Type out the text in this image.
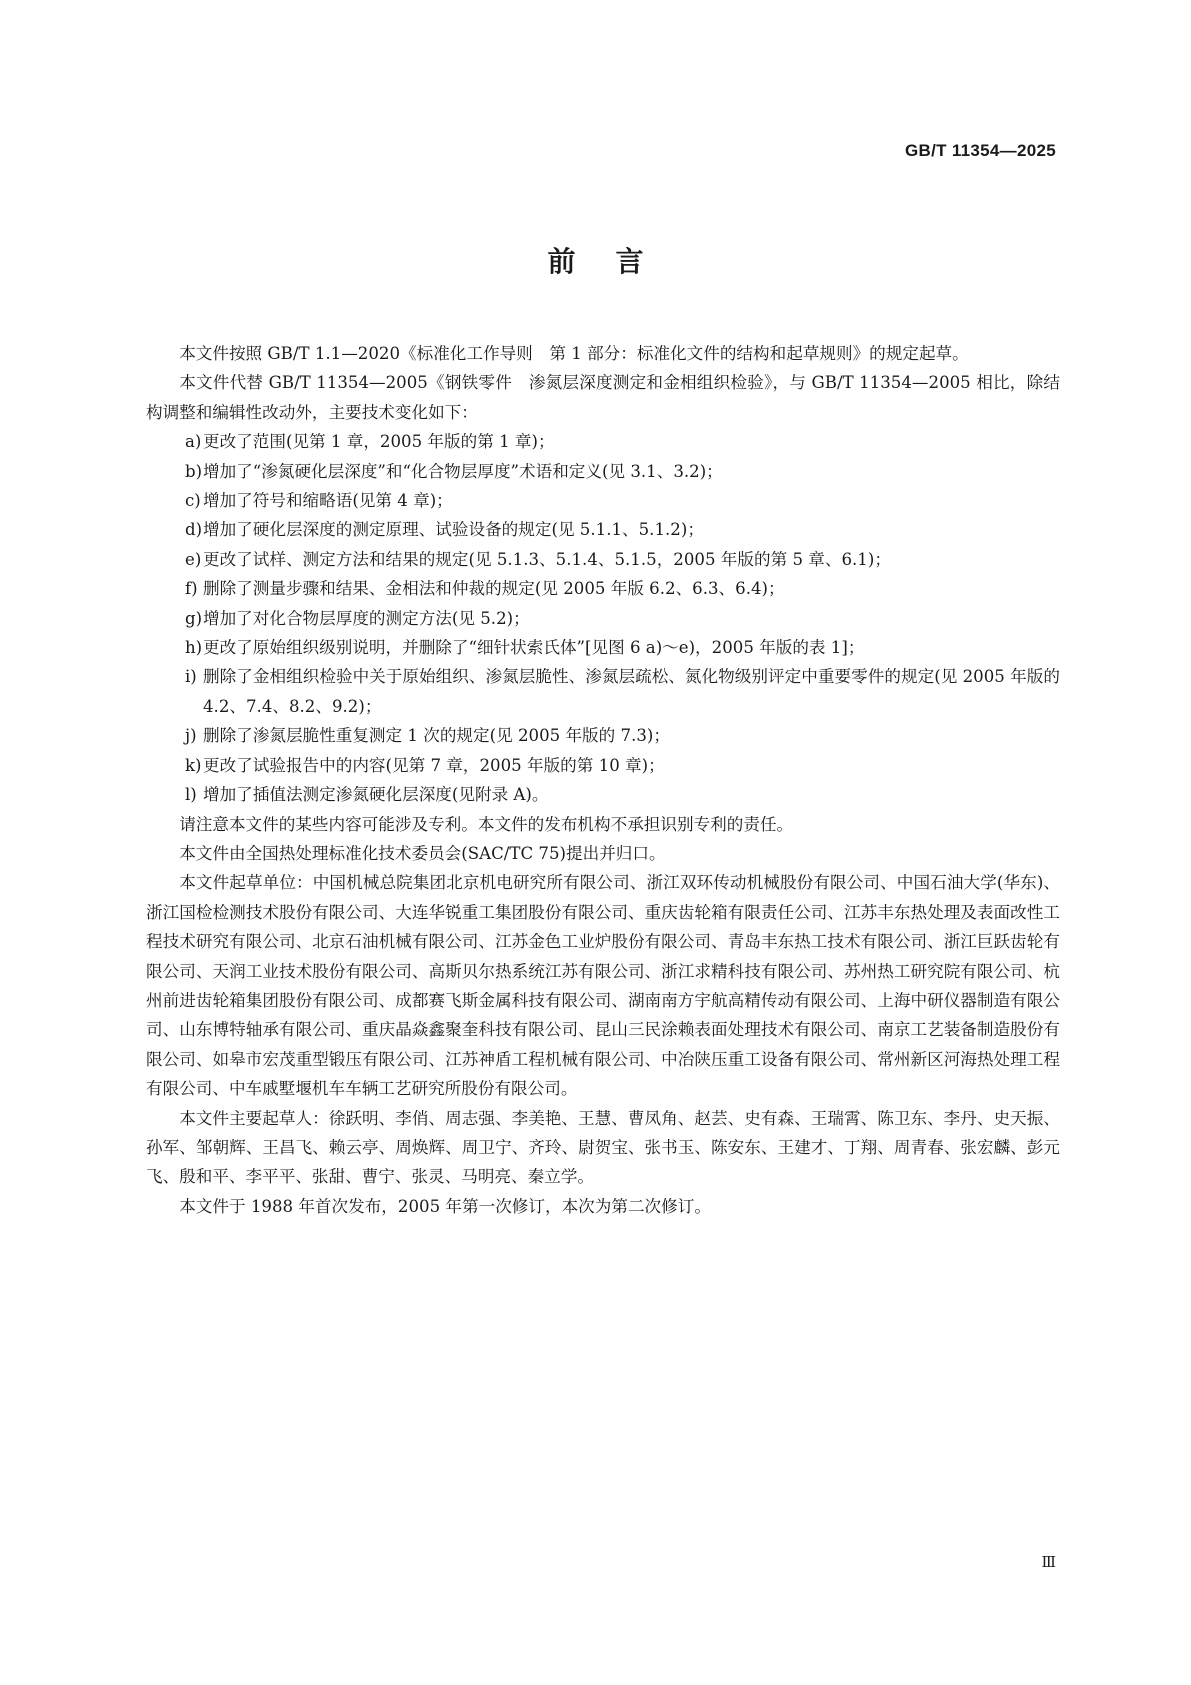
GB/T 11354—2025

前言

本文件按照 GB/T 1.1—2020《标准化工作导则　第 1 部分：标准化文件的结构和起草规则》的规定起草。

本文件代替 GB/T 11354—2005《钢铁零件　渗氮层深度测定和金相组织检验》，与 GB/T 11354—2005 相比，除结构调整和编辑性改动外，主要技术变化如下：

a) 更改了范围(见第 1 章，2005 年版的第 1 章)；
b) 增加了“渗氮硬化层深度”和“化合物层厚度”术语和定义(见 3.1、3.2)；
c) 增加了符号和缩略语(见第 4 章)；
d) 增加了硬化层深度的测定原理、试验设备的规定(见 5.1.1、5.1.2)；
e) 更改了试样、测定方法和结果的规定(见 5.1.3、5.1.4、5.1.5，2005 年版的第 5 章、6.1)；
f) 删除了测量步骤和结果、金相法和仲裁的规定(见 2005 年版 6.2、6.3、6.4)；
g) 增加了对化合物层厚度的测定方法(见 5.2)；
h) 更改了原始组织级别说明，并删除了“细针状索氏体”[见图 6 a)～e)，2005 年版的表 1]；
i) 删除了金相组织检验中关于原始组织、渗氮层脆性、渗氮层疏松、氮化物级别评定中重要零件的规定(见 2005 年版的 4.2、7.4、8.2、9.2)；
j) 删除了渗氮层脆性重复测定 1 次的规定(见 2005 年版的 7.3)；
k) 更改了试验报告中的内容(见第 7 章，2005 年版的第 10 章)；
l) 增加了插值法测定渗氮硬化层深度(见附录 A)。

请注意本文件的某些内容可能涉及专利。本文件的发布机构不承担识别专利的责任。

本文件由全国热处理标准化技术委员会(SAC/TC 75)提出并归口。

本文件起草单位：中国机械总院集团北京机电研究所有限公司、浙江双环传动机械股份有限公司、中国石油大学(华东)、浙江国检检测技术股份有限公司、大连华锐重工集团股份有限公司、重庆齿轮箱有限责任公司、江苏丰东热处理及表面改性工程技术研究有限公司、北京石油机械有限公司、江苏金色工业炉股份有限公司、青岛丰东热工技术有限公司、浙江巨跃齿轮有限公司、天润工业技术股份有限公司、高斯贝尔热系统江苏有限公司、浙江求精科技有限公司、苏州热工研究院有限公司、杭州前进齿轮箱集团股份有限公司、成都赛飞斯金属科技有限公司、湖南南方宇航高精传动有限公司、上海中研仪器制造有限公司、山东博特轴承有限公司、重庆晶焱鑫聚奎科技有限公司、昆山三民涂赖表面处理技术有限公司、南京工艺装备制造股份有限公司、如皋市宏茂重型锻压有限公司、江苏神盾工程机械有限公司、中冶陕压重工设备有限公司、常州新区河海热处理工程有限公司、中车戚墅堰机车车辆工艺研究所股份有限公司。

本文件主要起草人：徐跃明、李俏、周志强、李美艳、王慧、曹凤角、赵芸、史有森、王瑞霄、陈卫东、李丹、史天振、孙军、邹朝辉、王昌飞、赖云亭、周焕辉、周卫宁、齐玲、尉贺宝、张书玉、陈安东、王建才、丁翔、周青春、张宏麟、彭元飞、殷和平、李平平、张甜、曹宁、张灵、马明亮、秦立学。

本文件于 1988 年首次发布，2005 年第一次修订，本次为第二次修订。

Ⅲ
